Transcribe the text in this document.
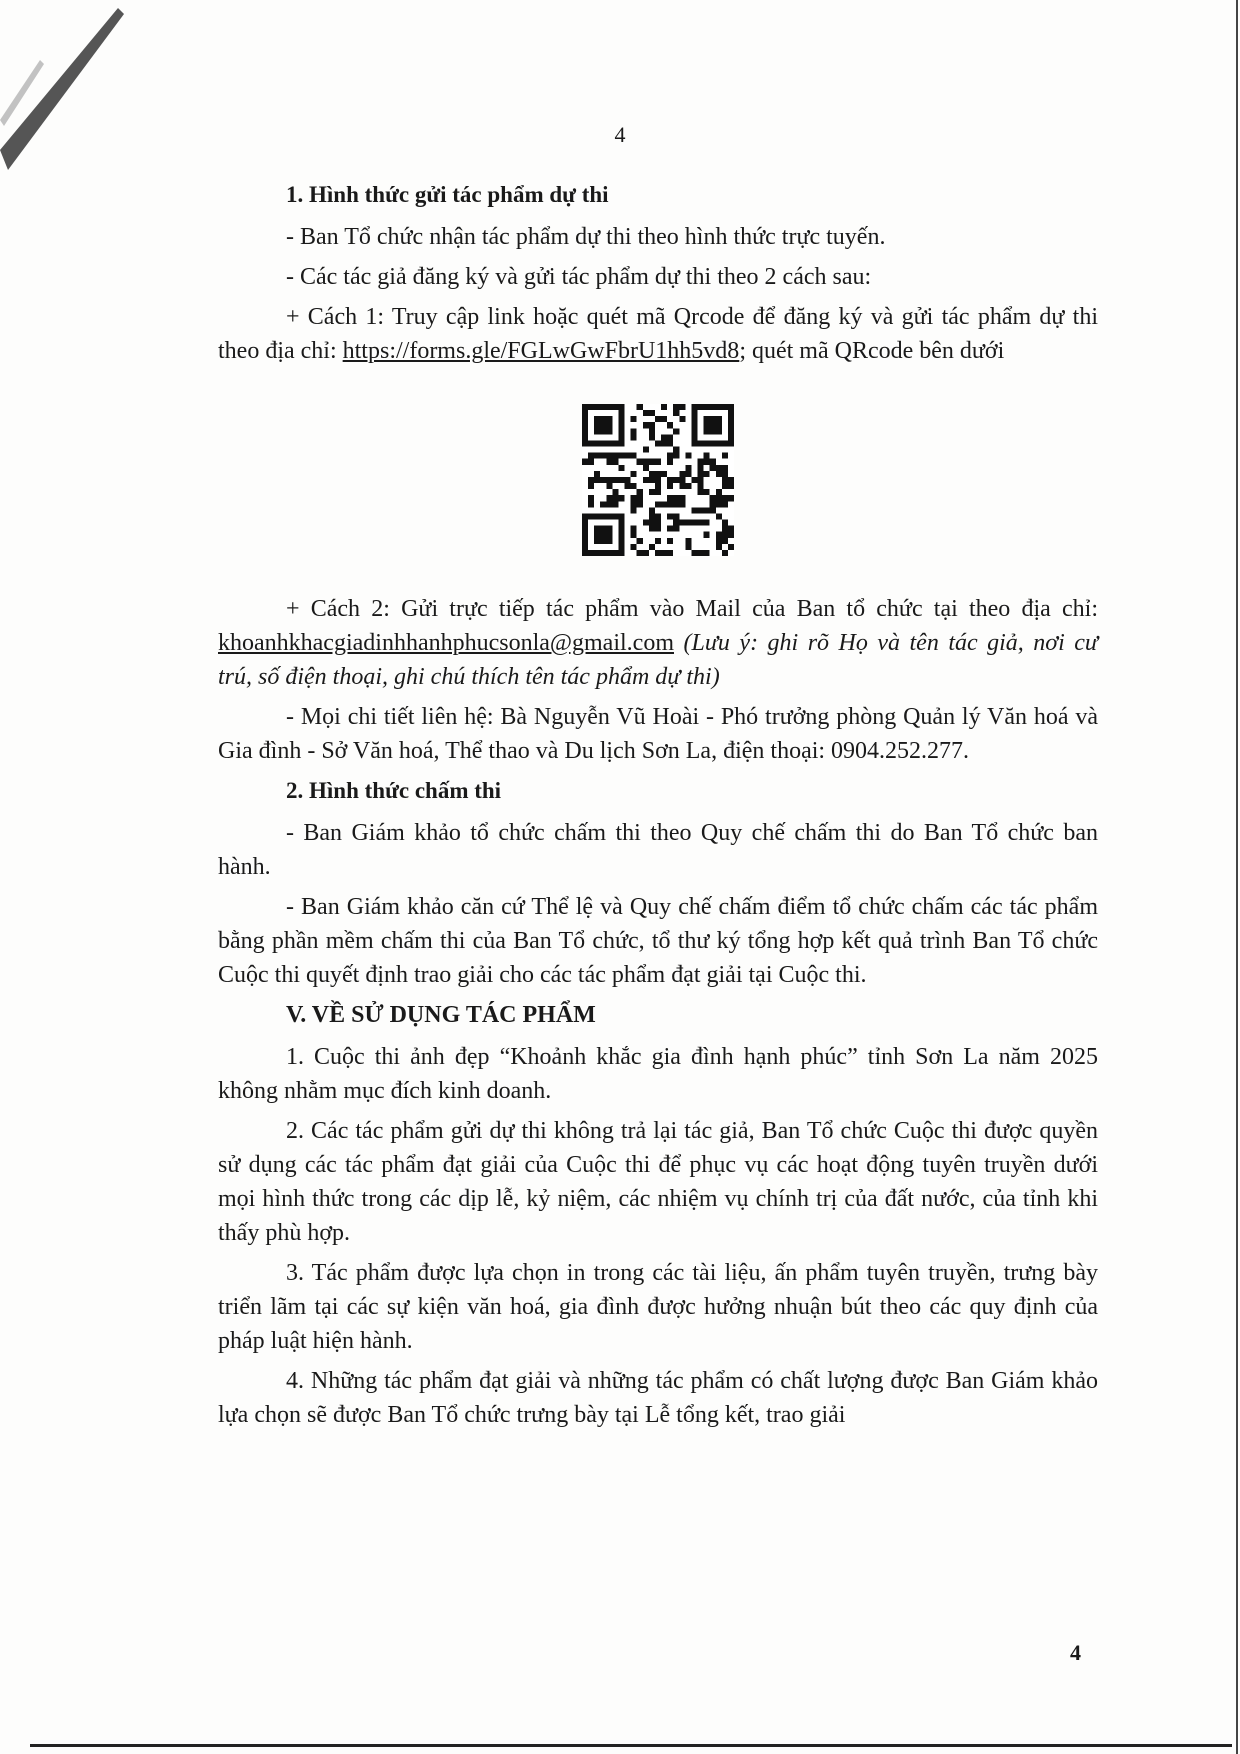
4
1. Hình thức gửi tác phẩm dự thi

- Ban Tổ chức nhận tác phẩm dự thi theo hình thức trực tuyến.

- Các tác giả đăng ký và gửi tác phẩm dự thi theo 2 cách sau:

+ Cách 1: Truy cập link hoặc quét mã Qrcode để đăng ký và gửi tác phẩm dự thi theo địa chỉ: https://forms.gle/FGLwGwFbrU1hh5vd8; quét mã QRcode bên dưới

+ Cách 2: Gửi trực tiếp tác phẩm vào Mail của Ban tổ chức tại theo địa chỉ: khoanhkhacgiadinhhanhphucsonla@gmail.com (Lưu ý: ghi rõ Họ và tên tác giả, nơi cư trú, số điện thoại, ghi chú thích tên tác phẩm dự thi)

- Mọi chi tiết liên hệ: Bà Nguyễn Vũ Hoài - Phó trưởng phòng Quản lý Văn hoá và Gia đình - Sở Văn hoá, Thể thao và Du lịch Sơn La, điện thoại: 0904.252.277.

2. Hình thức chấm thi

- Ban Giám khảo tổ chức chấm thi theo Quy chế chấm thi do Ban Tổ chức ban hành.

- Ban Giám khảo căn cứ Thể lệ và Quy chế chấm điểm tổ chức chấm các tác phẩm bằng phần mềm chấm thi của Ban Tổ chức, tổ thư ký tổng hợp kết quả trình Ban Tổ chức Cuộc thi quyết định trao giải cho các tác phẩm đạt giải tại Cuộc thi.

V. VỀ SỬ DỤNG TÁC PHẨM

1. Cuộc thi ảnh đẹp “Khoảnh khắc gia đình hạnh phúc” tỉnh Sơn La năm 2025 không nhằm mục đích kinh doanh.

2. Các tác phẩm gửi dự thi không trả lại tác giả, Ban Tổ chức Cuộc thi được quyền sử dụng các tác phẩm đạt giải của Cuộc thi để phục vụ các hoạt động tuyên truyền dưới mọi hình thức trong các dịp lễ, kỷ niệm, các nhiệm vụ chính trị của đất nước, của tỉnh khi thấy phù hợp.

3. Tác phẩm được lựa chọn in trong các tài liệu, ấn phẩm tuyên truyền, trưng bày triển lãm tại các sự kiện văn hoá, gia đình được hưởng nhuận bút theo các quy định của pháp luật hiện hành.

4. Những tác phẩm đạt giải và những tác phẩm có chất lượng được Ban Giám khảo lựa chọn sẽ được Ban Tổ chức trưng bày tại Lễ tổng kết, trao giải

4
